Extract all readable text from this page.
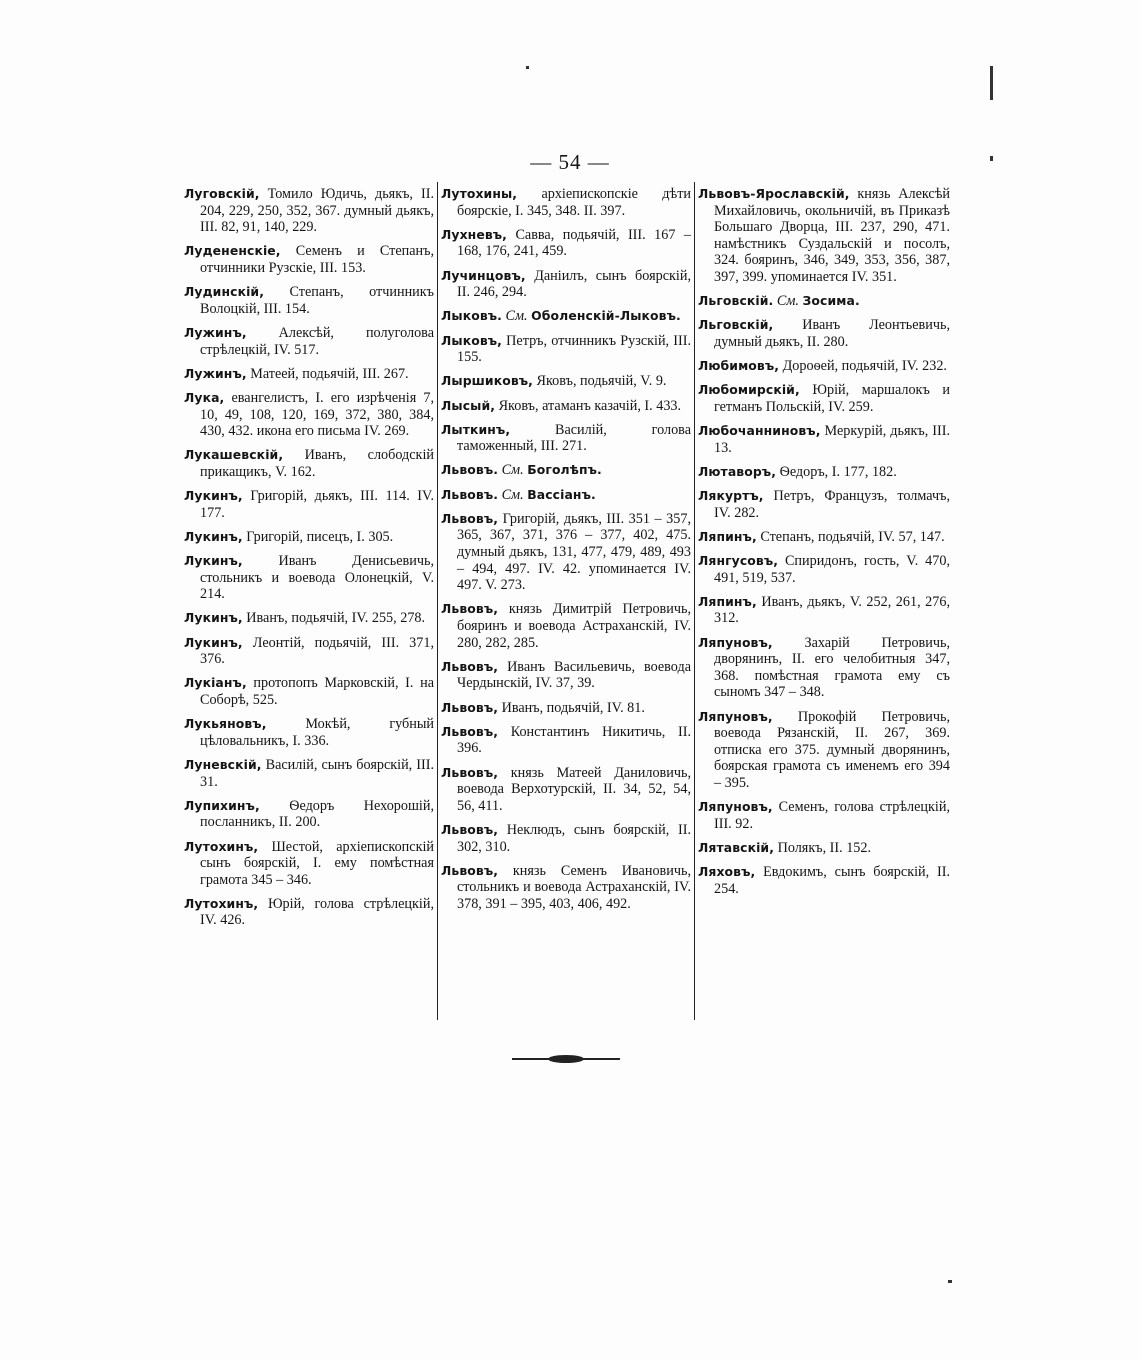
— 54 —
Луговскій, Томило Юдичь, дьякъ, II. 204, 229, 250, 352, 367. думный дьякъ, III. 82, 91, 140, 229.
Лудененскіе, Семенъ и Степанъ, отчинники Рузскіе, III. 153.
Лудинскій, Степанъ, отчинникъ Волоцкій, III. 154.
Лужинъ, Алексѣй, полуголова стрѣлецкій, IV. 517.
Лужинъ, Матеей, подьячій, III. 267.
Лука, евангелистъ, I. его изрѣченія 7, 10, 49, 108, 120, 169, 372, 380, 384, 430, 432. икона его письма IV. 269.
Лукашевскій, Иванъ, слободскій прикащикъ, V. 162.
Лукинъ, Григорій, дьякъ, III. 114. IV. 177.
Лукинъ, Григорій, писецъ, I. 305.
Лукинъ, Иванъ Денисьевичь, стольникъ и воевода Олонецкій, V. 214.
Лукинъ, Иванъ, подьячій, IV. 255, 278.
Лукинъ, Леонтій, подьячій, III. 371, 376.
Лукіанъ, протопопъ Марковскій, I. на Соборѣ, 525.
Лукьяновъ, Мокѣй, губный цѣловальникъ, I. 336.
Луневскій, Василій, сынъ боярскій, III. 31.
Лупихинъ, Ѳедоръ Нехорошій, посланникъ, II. 200.
Лутохинъ, Шестой, архіепископскій сынъ боярскій, I. ему помѣстная грамота 345 – 346.
Лутохинъ, Юрій, голова стрѣлецкій, IV. 426.
Лутохины, архіепископскіе дѣти боярскіе, I. 345, 348. II. 397.
Лухневъ, Савва, подьячій, III. 167 – 168, 176, 241, 459.
Лучинцовъ, Даніилъ, сынъ боярскій, II. 246, 294.
Лыковъ. См. Оболенскій-Лыковъ.
Лыковъ, Петръ, отчинникъ Рузскій, III. 155.
Лыршиковъ, Яковъ, подьячій, V. 9.
Лысый, Яковъ, атаманъ казачій, I. 433.
Лыткинъ, Василій, голова таможенный, III. 271.
Львовъ. См. Боголѣпъ.
Львовъ. См. Вассіанъ.
Львовъ, Григорій, дьякъ, III. 351 – 357, 365, 367, 371, 376 – 377, 402, 475. думный дьякъ, 131, 477, 479, 489, 493 – 494, 497. IV. 42. упоминается IV. 497. V. 273.
Львовъ, князь Димитрій Петровичь, бояринъ и воевода Астраханскій, IV. 280, 282, 285.
Львовъ, Иванъ Васильевичь, воевода Чердынскій, IV. 37, 39.
Львовъ, Иванъ, подьячій, IV. 81.
Львовъ, Константинъ Никитичь, II. 396.
Львовъ, князь Матеей Даниловичь, воевода Верхотурскій, II. 34, 52, 54, 56, 411.
Львовъ, Неклюдъ, сынъ боярскій, II. 302, 310.
Львовъ, князь Семенъ Ивановичь, стольникъ и воевода Астраханскій, IV. 378, 391 – 395, 403, 406, 492.
Львовъ-Ярославскій, князь Алексѣй Михайловичь, окольничій, въ Приказѣ Большаго Дворца, III. 237, 290, 471. намѣстникъ Суздальскій и посолъ, 324. бояринъ, 346, 349, 353, 356, 387, 397, 399. упоминается IV. 351.
Льговскій. См. Зосима.
Льговскій, Иванъ Леонтьевичь, думный дьякъ, II. 280.
Любимовъ, Дороѳей, подьячій, IV. 232.
Любомирскій, Юрій, маршалокъ и гетманъ Польскій, IV. 259.
Любочанниновъ, Меркурій, дьякъ, III. 13.
Лютаворъ, Ѳедоръ, I. 177, 182.
Лякуртъ, Петръ, Французъ, толмачъ, IV. 282.
Ляпинъ, Степанъ, подьячій, IV. 57, 147.
Лянгусовъ, Спиридонъ, гость, V. 470, 491, 519, 537.
Ляпинъ, Иванъ, дьякъ, V. 252, 261, 276, 312.
Ляпуновъ, Захарій Петровичь, дворянинъ, II. его челобитныя 347, 368. помѣстная грамота ему съ сыномъ 347 – 348.
Ляпуновъ, Прокофій Петровичь, воевода Рязанскій, II. 267, 369. отписка его 375. думный дворянинъ, боярская грамота съ именемъ его 394 – 395.
Ляпуновъ, Семенъ, голова стрѣлецкій, III. 92.
Лятавскій, Полякъ, II. 152.
Ляховъ, Евдокимъ, сынъ боярскій, II. 254.
